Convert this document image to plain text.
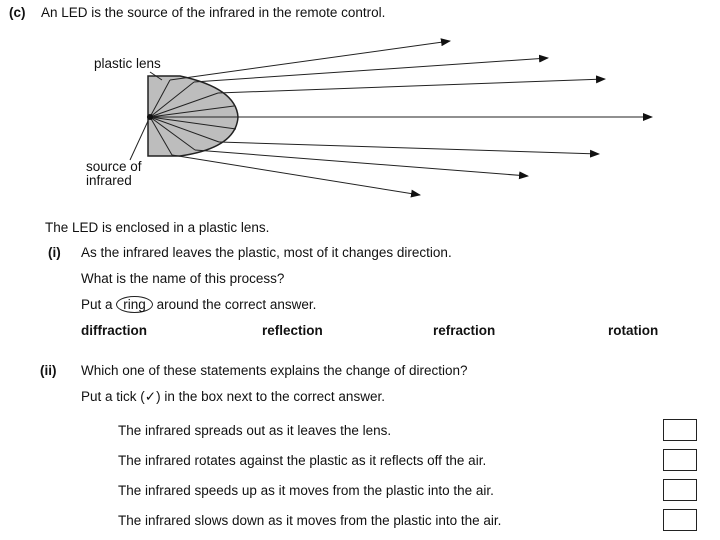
(c) An LED is the source of the infrared in the remote control.
plastic lens
source of
infrared
The LED is enclosed in a plastic lens.
(i) As the infrared leaves the plastic, most of it changes direction.
What is the name of this process?
Put a ring around the correct answer.
diffraction	reflection	refraction	rotation
(ii) Which one of these statements explains the change of direction?
Put a tick (✓) in the box next to the correct answer.
The infrared spreads out as it leaves the lens.
The infrared rotates against the plastic as it reflects off the air.
The infrared speeds up as it moves from the plastic into the air.
The infrared slows down as it moves from the plastic into the air.
